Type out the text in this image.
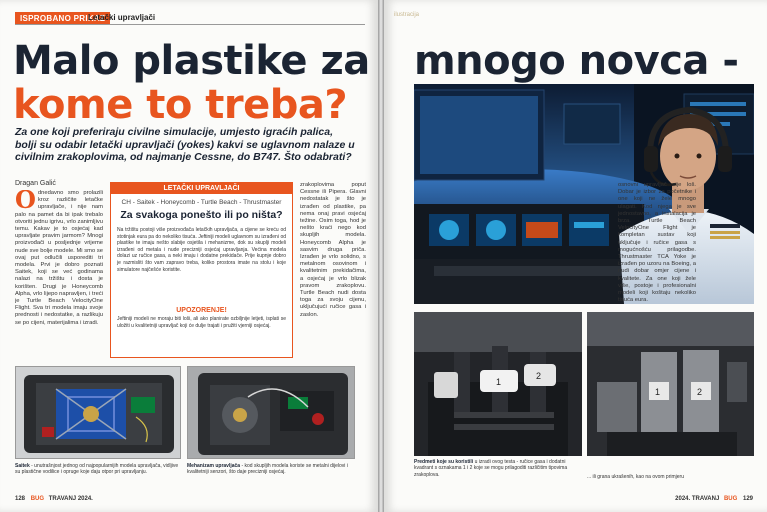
ISPROBANO PRIKAZ
Letački upravljači
Malo plastike za
kome to treba?
Za one koji preferiraju civilne simulacije, umjesto igraćih palica, bolji su odabir letački upravljači (yokes) kakvi se uglavnom nalaze u civilnim zrakoplovima, od najmanje Cessne, do B747. Što odabrati?
Dragan Galić
Odnedavno smo prolazili kroz različite letačke upravljače, i nije nam palo na pamet da bi ipak trebalo otvoriti jednu igrivu, vrlo zanimljivu temu. Kakav je to osjećaj kad upravljate pravim jarmom? Mnogi proizvođači u posljednje vrijeme nude sve bolje modele. Mi smo se ovaj put odlučili usporediti tri modela. Prvi je dobro poznati Saitek, koji se već godinama nalazi na tržištu i dosta je korišten. Drugi je Honeycomb Alpha, vrlo lijepo napravljen, i treći je Turtle Beach VelocityOne Flight. Sva tri modela imaju svoje prednosti i nedostatke, a razlikuju se po cijeni, materijalima i izradi.
LETAČKI UPRAVLJAČI
CH - Saitek - Honeycomb - Turtle Beach - Thrustmaster
Za svakoga ponešto ili po ništa?
Na tržištu postoji više proizvođača letačkih upravljača, a cijene se kreću od stotinjak eura pa do nekoliko tisuća. Jeftiniji modeli uglavnom su izrađeni od plastike te imaju nešto slabije osjetila i mehanizme, dok su skuplji modeli izrađeni od metala i nude precizniji osjećaj upravljanja. Većina modela dolazi uz ručice gasa, a neki imaju i dodatne prekidače. Prije kupnje dobro je razmisliti što vam zapravo treba, koliko prostora imate na stolu i koje simulatore najčešće koristite.
UPOZORENJE!
Jeftiniji modeli ne moraju biti loši, ali ako planirate ozbiljnije letjeti, isplati se uložiti u kvalitetniji upravljač koji će dulje trajati i pružiti vjerniji osjećaj.
zrakoplovima poput Cessne ili Pipera. Glavni nedostatak je što je izrađen od plastike, pa nema onaj pravi osjećaj težine. Osim toga, hod je nešto kraći nego kod skupljih modela. Honeycomb Alpha je sasvim druga priča. Izrađen je vrlo solidno, s metalnom osovinom i kvalitetnim prekidačima, a osjećaj je vrlo blizak pravom zrakoplovu. Turtle Beach nudi dosta toga za svoju cijenu, uključujući ručice gasa i zaslon.
Saitek - unutrašnjost jednog od najpopularnijih modela upravljača, vidljive su plastične vodilice i opruge koje daju otpor pri upravljanju.
Mehanizam upravljača - kod skupljih modela koriste se metalni dijelovi i kvalitetniji senzori, što daje precizniji osjećaj.
128 BUG TRAVANJ 2024.
ilustracija
mnogo novca -
osnovni upravljač nije loš. Dobar je izbor za početnike i one koji ne žele mnogo ulagati. Kod njega je sve jednostavno, a instalacija je brza. Turtle Beach VelocityOne Flight je kompletan sustav koji uključuje i ručice gasa s mogućnošću prilagodbe. Thrustmaster TCA Yoke je izrađen po uzoru na Boeing, a nudi dobar omjer cijene i kvalitete. Za one koji žele više, postoje i profesionalni modeli koji koštaju nekoliko tisuća eura.
1
2
1	2
Predmeti koje su koristili u izradi ovog testa - ručice gasa i dodatni kvadrant s oznakama 1 i 2 koje se mogu prilagoditi različitim tipovima zrakoplova.	... ili grana ukrašenih, kao na ovom primjeru
2024. TRAVANJ BUG 129
